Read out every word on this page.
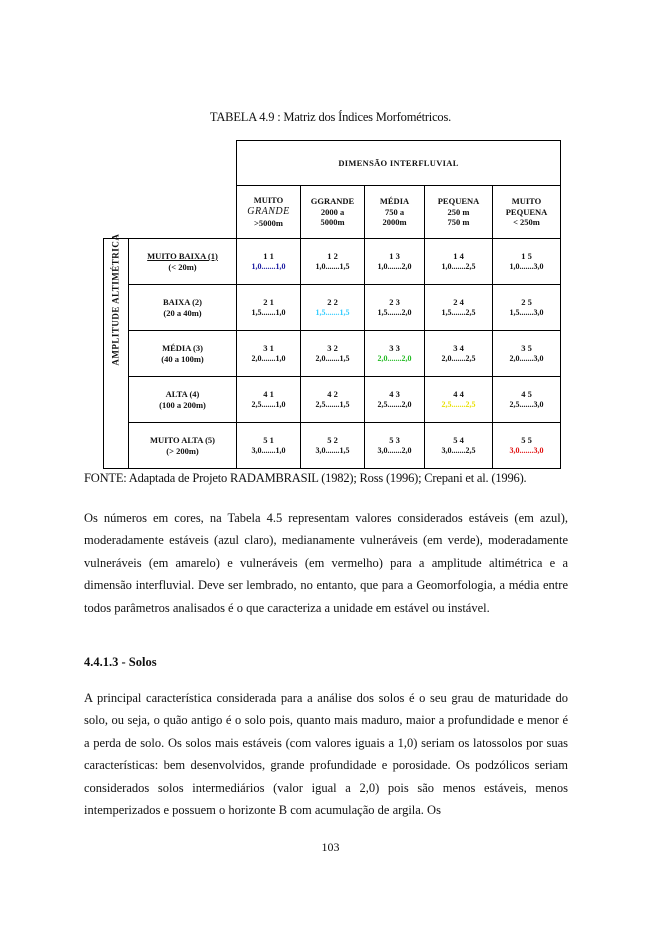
TABELA 4.9 : Matriz dos Índices Morfométricos.
		DIMENSÃO INTERFLUVIAL				
		MUITO
GRANDE
>5000m	GGRANDE
2000 a
5000m	MÉDIA
750 a
2000m	PEQUENA
250 m
750 m	MUITO
PEQUENA
< 250m

AMPLITUDE ALTIMÉTRICA	MUITO BAIXA (1)
(< 20m)	1 1
1,0.......1,0	1 2
1,0.......1,5	1 3
1,0.......2,0	1 4
1,0.......2,5	1 5
1,0.......3,0

	BAIXA (2)
(20 a 40m)	2 1
1,5.......1,0	2 2
1,5.......1,5	2 3
1,5.......2,0	2 4
1,5.......2,5	2 5
1,5.......3,0

	MÉDIA (3)
(40 a 100m)	3 1
2,0.......1,0	3 2
2,0.......1,5	3 3
2,0.......2,0	3 4
2,0.......2,5	3 5
2,0.......3,0

	ALTA (4)
(100 a 200m)	4 1
2,5.......1,0	4 2
2,5.......1,5	4 3
2,5.......2,0	4 4
2,5.......2,5	4 5
2,5.......3,0

	MUITO ALTA (5)
(> 200m)	5 1
3,0.......1,0	5 2
3,0.......1,5	5 3
3,0.......2,0	5 4
3,0.......2,5	5 5
3,0.......3,0
FONTE: Adaptada de Projeto RADAMBRASIL (1982); Ross (1996); Crepani et al. (1996).

Os números em cores, na Tabela 4.5 representam valores considerados estáveis (em azul), moderadamente estáveis (azul claro), medianamente vulneráveis (em verde), moderadamente vulneráveis (em amarelo) e vulneráveis (em vermelho) para a amplitude altimétrica e a dimensão interfluvial. Deve ser lembrado, no entanto, que para a Geomorfologia, a média entre todos parâmetros analisados é o que caracteriza a unidade em estável ou instável.

4.4.1.3 - Solos

A principal característica considerada para a análise dos solos é o seu grau de maturidade do solo, ou seja, o quão antigo é o solo pois, quanto mais maduro, maior a profundidade e menor é a perda de solo. Os solos mais estáveis (com valores iguais a 1,0) seriam os latossolos por suas características: bem desenvolvidos, grande profundidade e porosidade. Os podzólicos seriam considerados solos intermediários (valor igual a 2,0) pois são menos estáveis, menos intemperizados e possuem o horizonte B com acumulação de argila. Os

103
